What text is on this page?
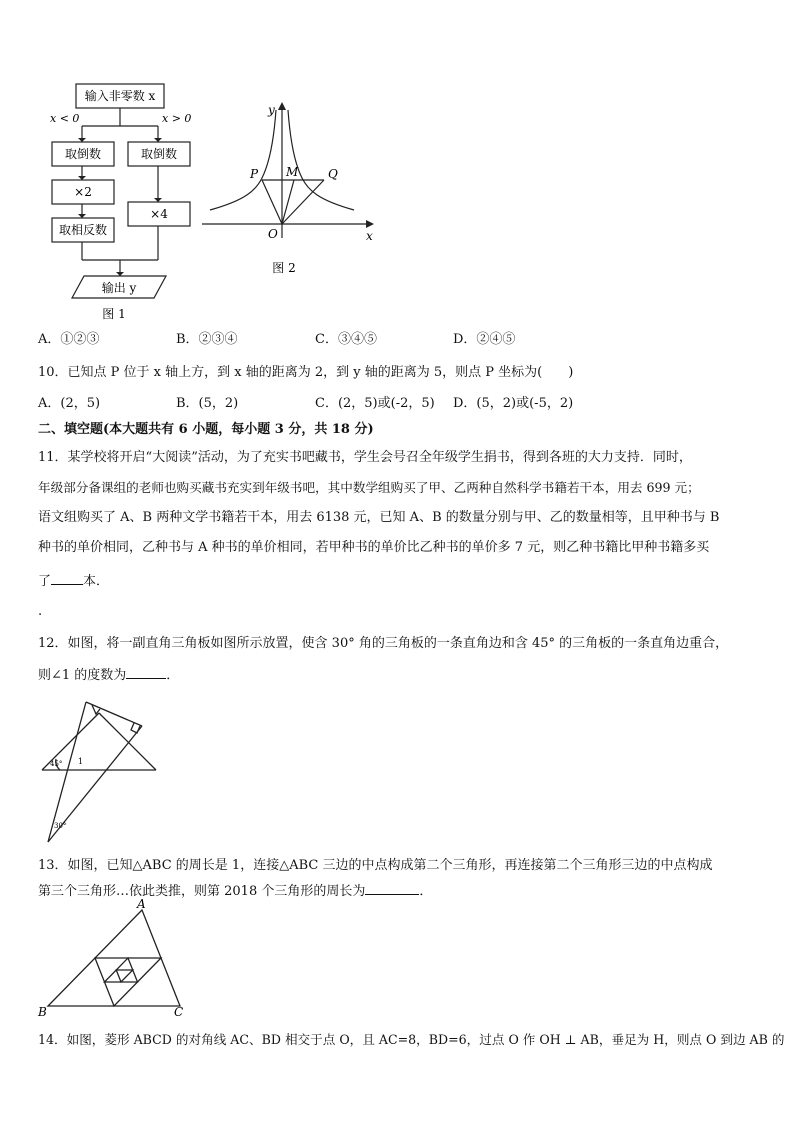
输入非零数 x
x < 0	x > 0
取倒数	取倒数
×2
取相反数
×4
输出 y
图 1
y
x
P M Q
O
图 2
A．①②③	B．②③④	C．③④⑤	D．②④⑤
10．已知点 P 位于 x 轴上方，到 x 轴的距离为 2，到 y 轴的距离为 5，则点 P 坐标为(　　)
A．(2，5)	B．(5，2)	C．(2，5)或(-2，5) D．(5，2)或(-5，2)
二、填空题(本大题共有 6 小题，每小题 3 分，共 18 分)
11．某学校将开启“大阅读”活动，为了充实书吧藏书，学生会号召全年级学生捐书，得到各班的大力支持．同时，
年级部分备课组的老师也购买藏书充实到年级书吧，其中数学组购买了甲、乙两种自然科学书籍若干本，用去 699 元；
语文组购买了 A、B 两种文学书籍若干本，用去 6138 元，已知 A、B 的数量分别与甲、乙的数量相等，且甲种书与 B
种书的单价相同，乙种书与 A 种书的单价相同，若甲种书的单价比乙种书的单价多 7 元，则乙种书籍比甲种书籍多买
了 本．
.
12．如图，将一副直角三角板如图所示放置，使含 30° 角的三角板的一条直角边和含 45° 的三角板的一条直角边重合，
则∠1 的度数为	．
45° 1
30°
13．如图，已知△ABC 的周长是 1，连接△ABC 三边的中点构成第二个三角形，再连接第二个三角形三边的中点构成
第三个三角形…依此类推，则第 2018 个三角形的周长为	．
A
B	C
14．如图，菱形 ABCD 的对角线 AC、BD 相交于点 O，且 AC=8，BD=6，过点 O 作 OH ⊥ AB，垂足为 H，则点 O 到边 AB 的
